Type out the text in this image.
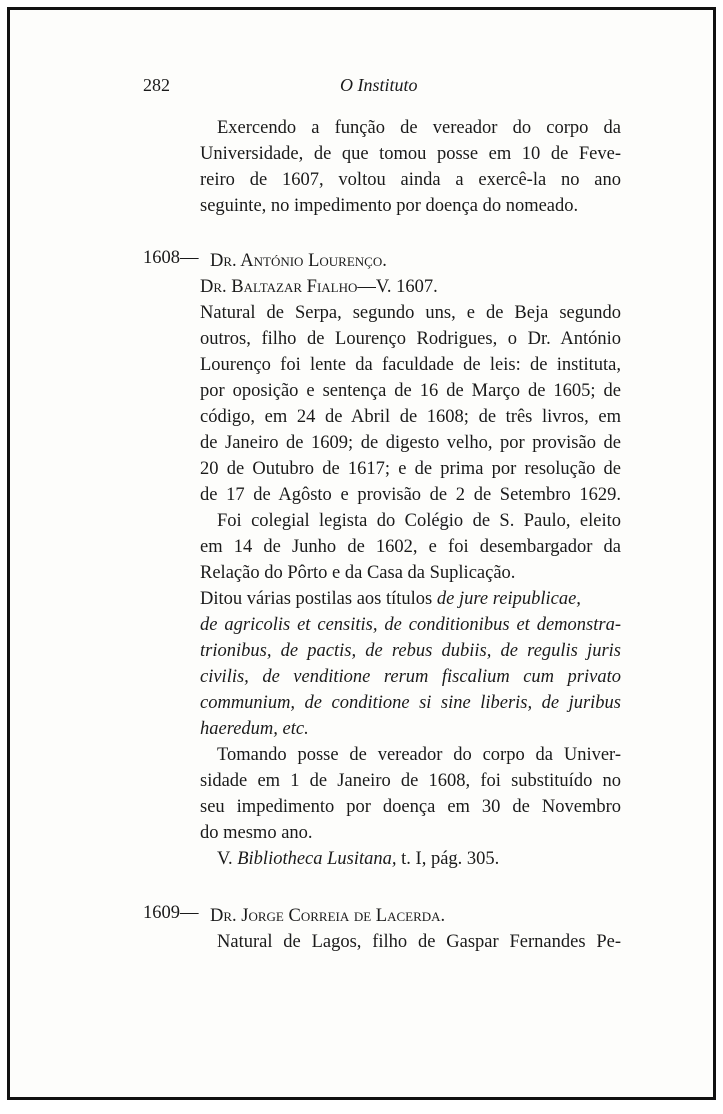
282	O Instituto
Exercendo a função de vereador do corpo da
Universidade, de que tomou posse em 10 de Feve-
reiro de 1607, voltou ainda a exercê-la no ano
seguinte, no impedimento por doença do nomeado.
1608— Dr. António Lourenço.
Dr. Baltazar Fialho—V. 1607.
Natural de Serpa, segundo uns, e de Beja segundo
outros, filho de Lourenço Rodrigues, o Dr. António
Lourenço foi lente da faculdade de leis: de instituta,
por oposição e sentença de 16 de Março de 1605; de
código, em 24 de Abril de 1608; de três livros, em
de Janeiro de 1609; de digesto velho, por provisão de
20 de Outubro de 1617; e de prima por resolução de
de 17 de Agôsto e provisão de 2 de Setembro 1629.
Foi colegial legista do Colégio de S. Paulo, eleito
em 14 de Junho de 1602, e foi desembargador da
Relação do Pôrto e da Casa da Suplicação.
Ditou várias postilas aos títulos de jure reipublicae,
de agricolis et censitis, de conditionibus et demonstra-
trionibus, de pactis, de rebus dubiis, de regulis juris
civilis, de venditione rerum fiscalium cum privato
communium, de conditione si sine liberis, de juribus
haeredum, etc.
Tomando posse de vereador do corpo da Univer-
sidade em 1 de Janeiro de 1608, foi substituído no
seu impedimento por doença em 30 de Novembro
do mesmo ano.
V. Bibliotheca Lusitana, t. I, pág. 305.
1609— Dr. Jorge Correia de Lacerda.
Natural de Lagos, filho de Gaspar Fernandes Pe-
